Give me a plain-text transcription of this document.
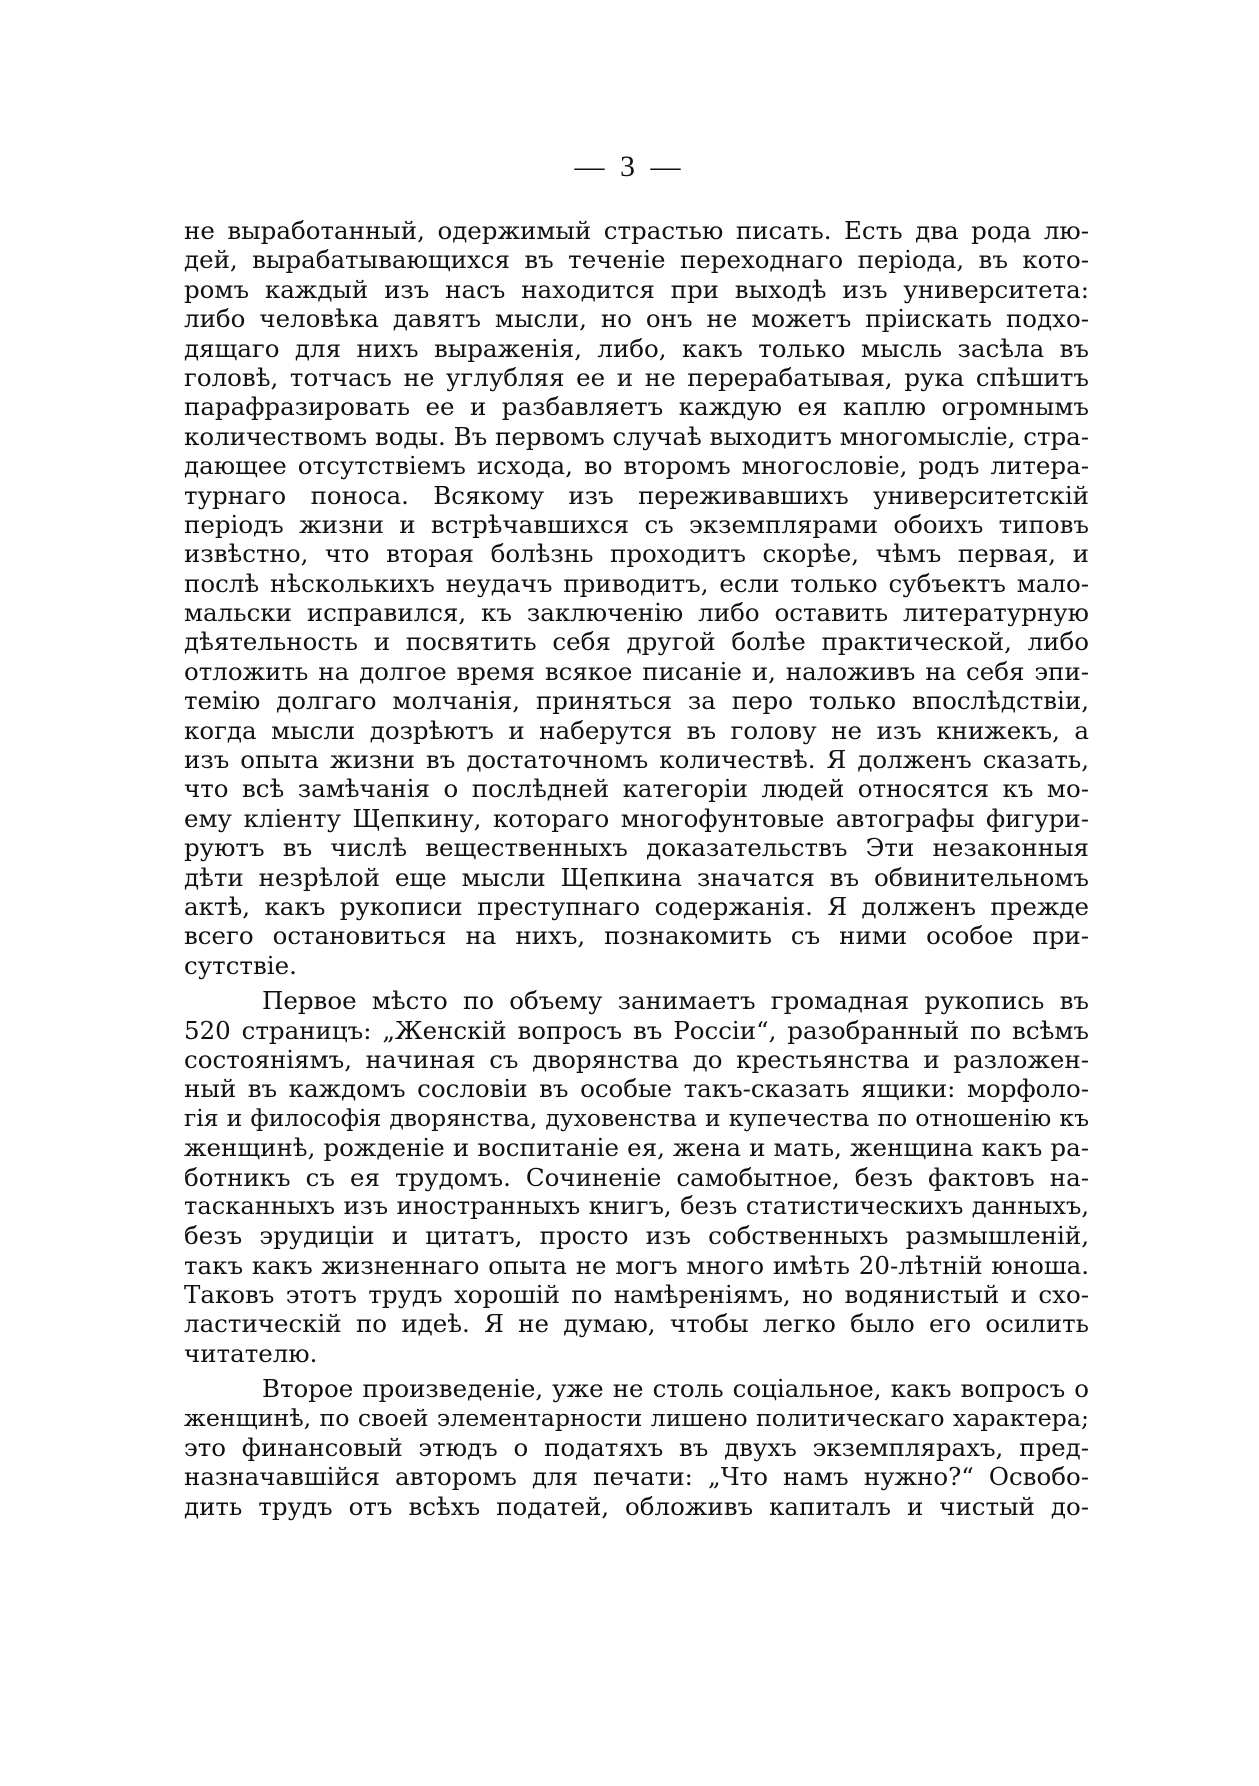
— 3 —
не выработанный, одержимый страстью писать. Есть два рода лю-
дей, вырабатывающихся въ теченіе переходнаго періода, въ кото-
ромъ каждый изъ насъ находится при выходѣ изъ университета:
либо человѣка давятъ мысли, но онъ не можетъ пріискать подхо-
дящаго для нихъ выраженія, либо, какъ только мысль засѣла въ
головѣ, тотчасъ не углубляя ее и не перерабатывая, рука спѣшитъ
парафразировать ее и разбавляетъ каждую ея каплю огромнымъ
количествомъ воды. Въ первомъ случаѣ выходитъ многомыслiе, стра-
дающее отсутствіемъ исхода, во второмъ многословіе, родъ литера-
турнаго поноса. Всякому изъ переживавшихъ университетскій
періодъ жизни и встрѣчавшихся съ экземплярами обоихъ типовъ
извѣстно, что вторая болѣзнь проходитъ скорѣе, чѣмъ первая, и
послѣ нѣсколькихъ неудачъ приводитъ, если только субъектъ мало-
мальски исправился, къ заключенію либо оставить литературную
дѣятельность и посвятить себя другой болѣе практической, либо
отложить на долгое время всякое писаніе и, наложивъ на себя эпи-
темію долгаго молчанія, приняться за перо только впослѣдствіи,
когда мысли дозрѣютъ и наберутся въ голову не изъ книжекъ, а
изъ опыта жизни въ достаточномъ количествѣ. Я долженъ сказать,
что всѣ замѣчанія о послѣдней категоріи людей относятся къ мо-
ему кліенту Щепкину, котораго многофунтовые автографы фигури-
руютъ въ числѣ вещественныхъ доказательствъ Эти незаконныя
дѣти незрѣлой еще мысли Щепкина значатся въ обвинительномъ
актѣ, какъ рукописи преступнаго содержанія. Я долженъ прежде
всего остановиться на нихъ, познакомить съ ними особое при-
сутствіе.
Первое мѣсто по объему занимаетъ громадная рукопись въ
520 страницъ: „Женскій вопросъ въ Россіи“, разобранный по всѣмъ
состояніямъ, начиная съ дворянства до крестьянства и разложен-
ный въ каждомъ сословіи въ особые такъ-сказать ящики: морфоло-
гія и философія дворянства, духовенства и купечества по отношенію къ
женщинѣ, рожденіе и воспитаніе ея, жена и мать, женщина какъ ра-
ботникъ съ ея трудомъ. Сочиненіе самобытное, безъ фактовъ на-
тасканныхъ изъ иностранныхъ книгъ, безъ статистическихъ данныхъ,
безъ эрудиціи и цитатъ, просто изъ собственныхъ размышленій,
такъ какъ жизненнаго опыта не могъ много имѣть 20-лѣтній юноша.
Таковъ этотъ трудъ хорошій по намѣреніямъ, но водянистый и схо-
ластическій по идеѣ. Я не думаю, чтобы легко было его осилить
читателю.
Второе произведеніе, уже не столь соціальное, какъ вопросъ о
женщинѣ, по своей элементарности лишено политическаго характера;
это финансовый этюдъ о податяхъ въ двухъ экземплярахъ, пред-
назначавшійся авторомъ для печати: „Что намъ нужно?“ Освобо-
дить трудъ отъ всѣхъ податей, обложивъ капиталъ и чистый до-
